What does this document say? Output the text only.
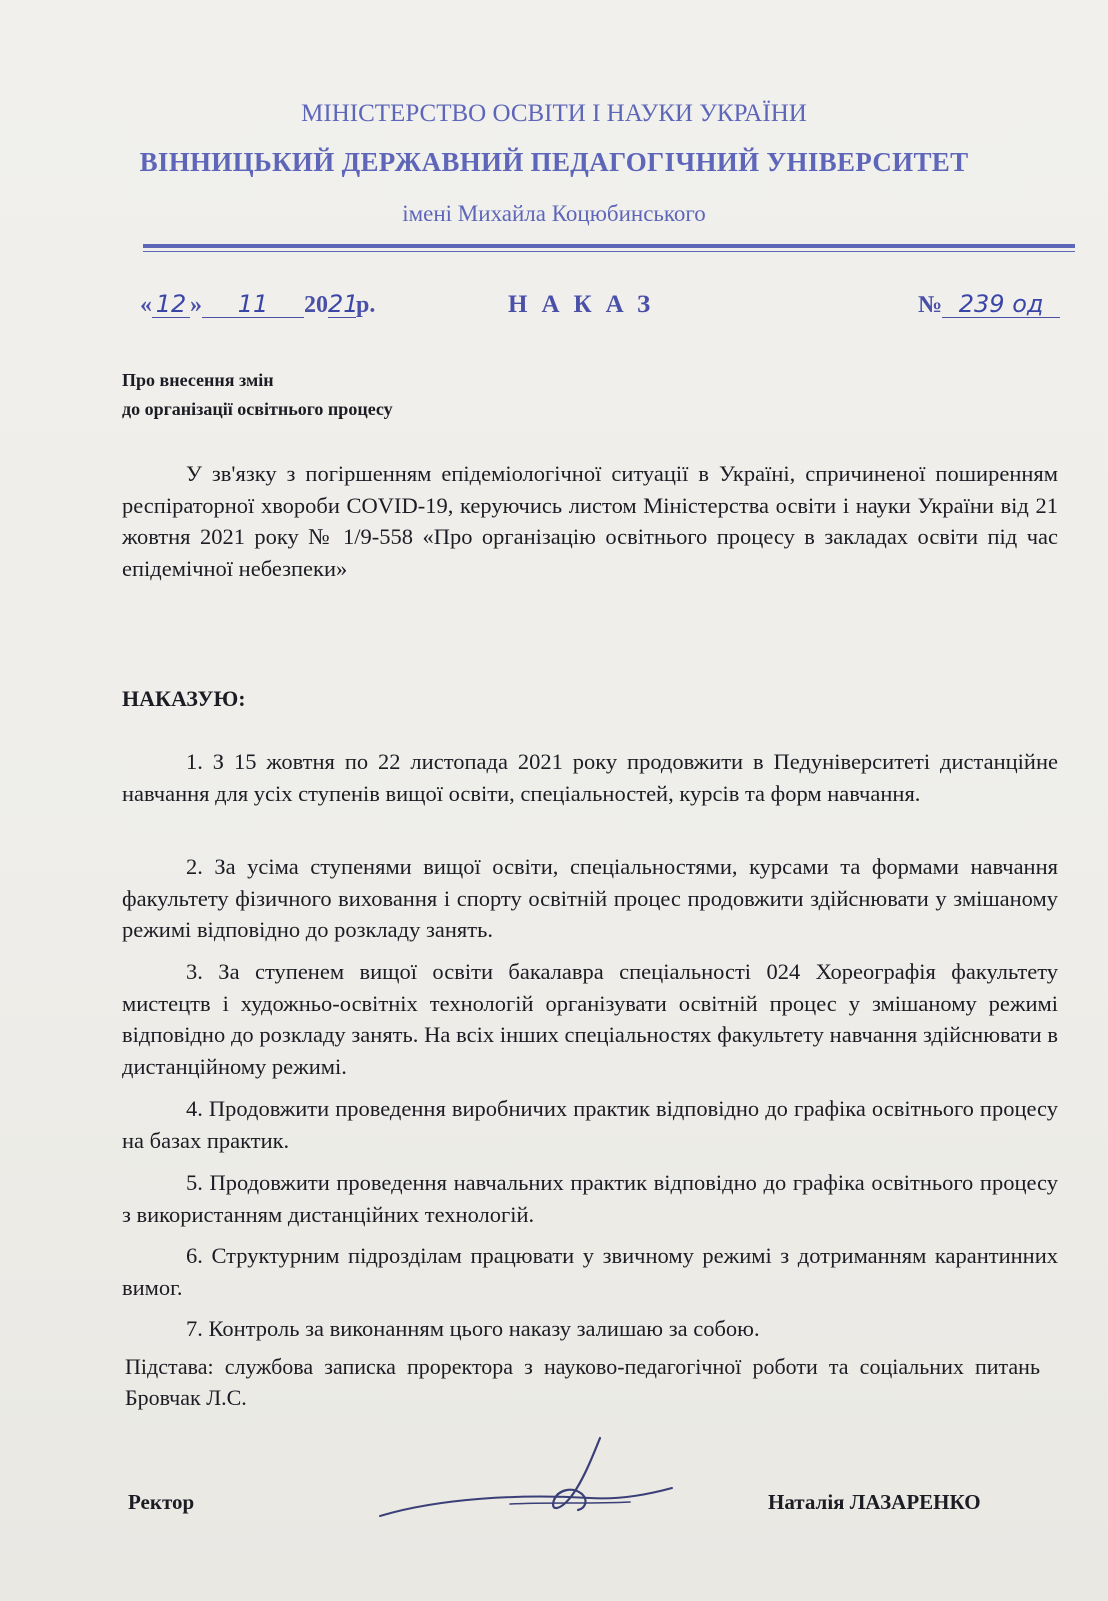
МІНІСТЕРСТВО ОСВІТИ І НАУКИ УКРАЇНИ
ВІННИЦЬКИЙ ДЕРЖАВНИЙ ПЕДАГОГІЧНИЙ УНІВЕРСИТЕТ
імені Михайла Коцюбинського
« 12 » 11 2021р.	НАКАЗ	№ 239 од
Про внесення змін
до організації освітнього процесу
У зв'язку з погіршенням епідеміологічної ситуації в Україні, спричиненої поширенням респіраторної хвороби COVID-19, керуючись листом Міністерства освіти і науки України від 21 жовтня 2021 року № 1/9-558 «Про організацію освітнього процесу в закладах освіти під час епідемічної небезпеки»
НАКАЗУЮ:
1. З 15 жовтня по 22 листопада 2021 року продовжити в Педуніверситеті дистанційне навчання для усіх ступенів вищої освіти, спеціальностей, курсів та форм навчання.
2. За усіма ступенями вищої освіти, спеціальностями, курсами та формами навчання факультету фізичного виховання і спорту освітній процес продовжити здійснювати у змішаному режимі відповідно до розкладу занять.
3. За ступенем вищої освіти бакалавра спеціальності 024 Хореографія факультету мистецтв і художньо-освітніх технологій організувати освітній процес у змішаному режимі відповідно до розкладу занять. На всіх інших спеціальностях факультету навчання здійснювати в дистанційному режимі.
4. Продовжити проведення виробничих практик відповідно до графіка освітнього процесу на базах практик.
5. Продовжити проведення навчальних практик відповідно до графіка освітнього процесу з використанням дистанційних технологій.
6. Структурним підрозділам працювати у звичному режимі з дотриманням карантинних вимог.
7. Контроль за виконанням цього наказу залишаю за собою.
Підстава: службова записка проректора з науково-педагогічної роботи та соціальних питань Бровчак Л.С.
Ректор	Наталія ЛАЗАРЕНКО
